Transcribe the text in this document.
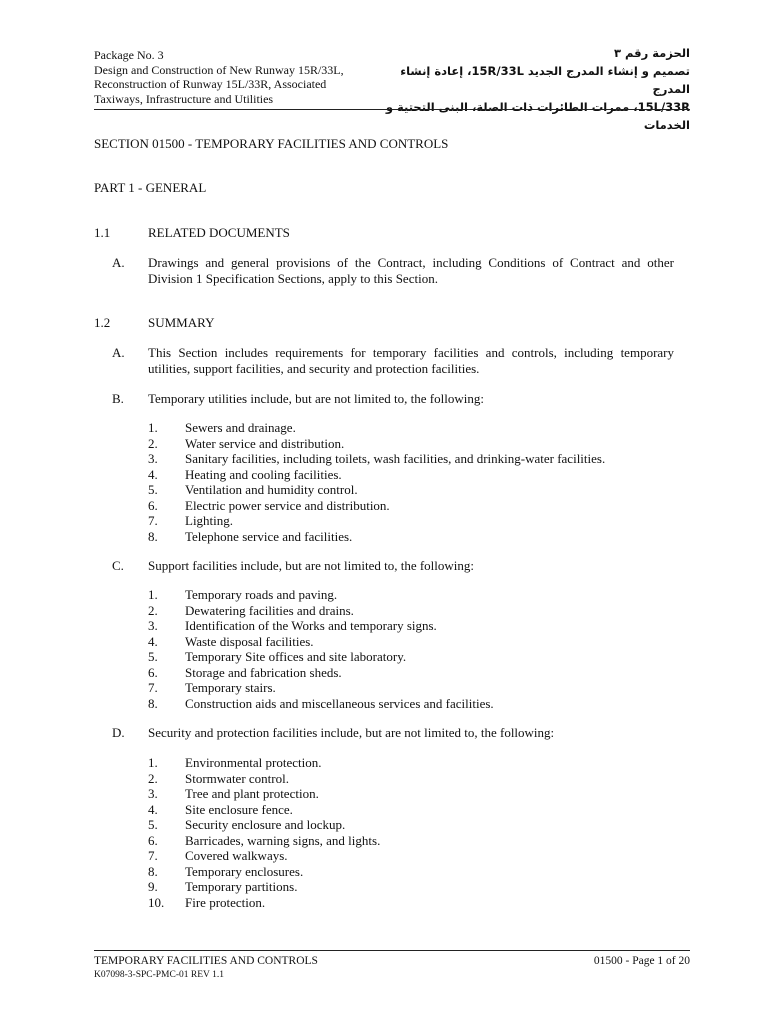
Package No. 3
Design and Construction of New Runway 15R/33L,
Reconstruction of Runway 15L/33R, Associated
Taxiways, Infrastructure and Utilities
الحزمة رقم ٣
تصميم و إنشاء المدرج الجديد 15R/33L، إعادة إنشاء المدرج
15L/33R، ممرات الطائرات ذات الصلة، البنى التحتية و الخدمات
SECTION 01500 - TEMPORARY FACILITIES AND CONTROLS
PART 1 - GENERAL
1.1	RELATED DOCUMENTS
A. Drawings and general provisions of the Contract, including Conditions of Contract and other Division 1 Specification Sections, apply to this Section.
1.2	SUMMARY
A. This Section includes requirements for temporary facilities and controls, including temporary utilities, support facilities, and security and protection facilities.
B. Temporary utilities include, but are not limited to, the following:
1. Sewers and drainage.
2. Water service and distribution.
3. Sanitary facilities, including toilets, wash facilities, and drinking-water facilities.
4. Heating and cooling facilities.
5. Ventilation and humidity control.
6. Electric power service and distribution.
7. Lighting.
8. Telephone service and facilities.
C. Support facilities include, but are not limited to, the following:
1. Temporary roads and paving.
2. Dewatering facilities and drains.
3. Identification of the Works and temporary signs.
4. Waste disposal facilities.
5. Temporary Site offices and site laboratory.
6. Storage and fabrication sheds.
7. Temporary stairs.
8. Construction aids and miscellaneous services and facilities.
D. Security and protection facilities include, but are not limited to, the following:
1. Environmental protection.
2. Stormwater control.
3. Tree and plant protection.
4. Site enclosure fence.
5. Security enclosure and lockup.
6. Barricades, warning signs, and lights.
7. Covered walkways.
8. Temporary enclosures.
9. Temporary partitions.
10. Fire protection.
TEMPORARY FACILITIES AND CONTROLS	01500 - Page 1 of 20
K07098-3-SPC-PMC-01 REV 1.1
